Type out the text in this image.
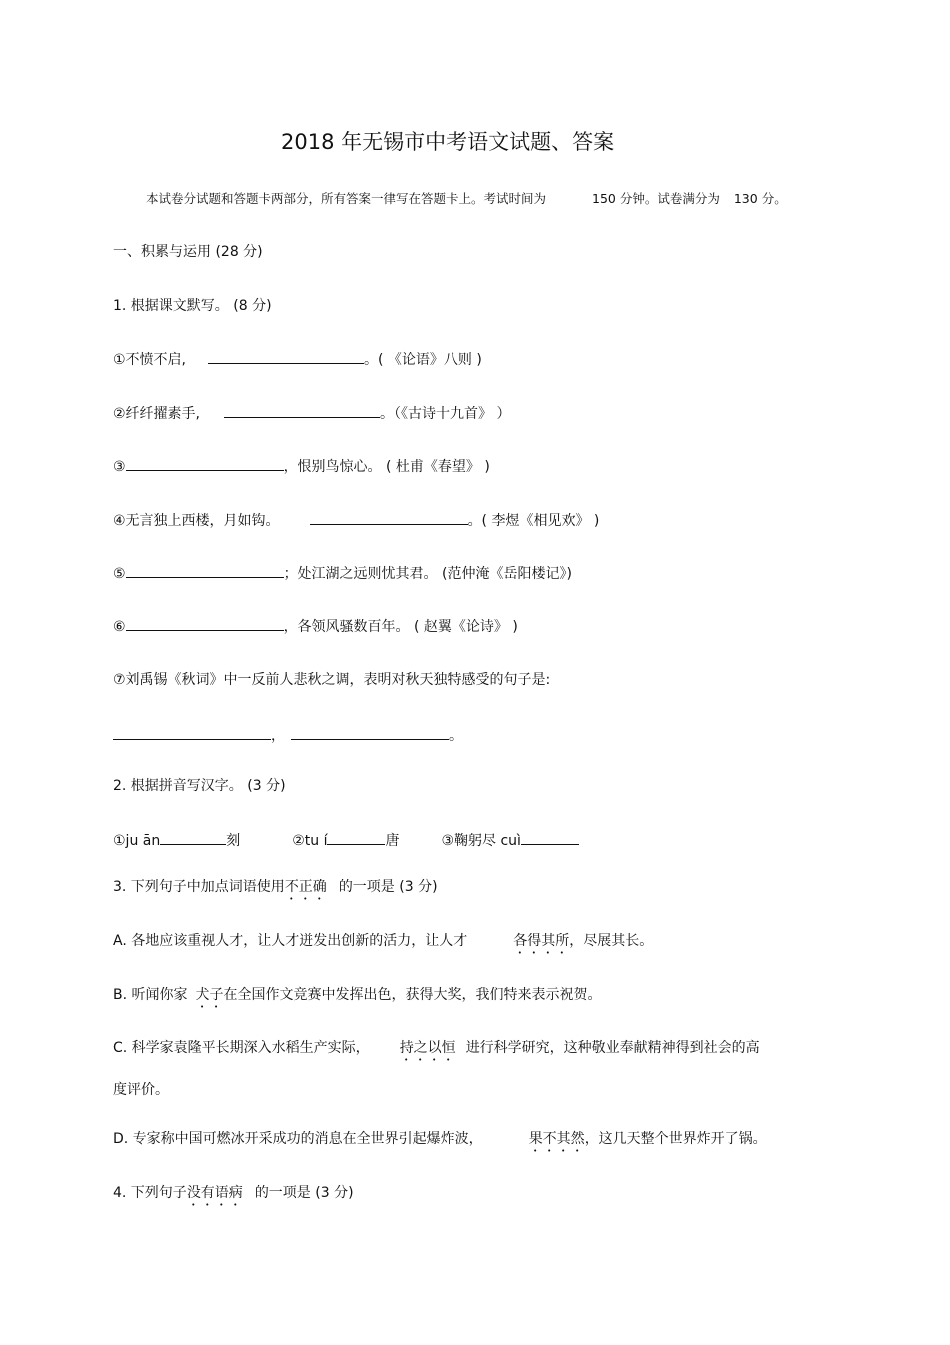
2018 年无锡市中考语文试题、答案
本试卷分试题和答题卡两部分，所有答案一律写在答题卡上。考试时间为	150 分钟。试卷满分为 130 分。
一、积累与运用 (28 分)
1. 根据课文默写。 (8 分)
①不愤不启,	。( 《论语》八则 )
②纤纤擢素手,	。（《古诗十九首》 ）
③	，恨别鸟惊心。 ( 杜甫《春望》 )
④无言独上西楼，月如钩。	。( 李煜《相见欢》 )
⑤	；处江湖之远则忧其君。 (范仲淹《岳阳楼记》)
⑥	，各领风骚数百年。 ( 赵翼《论诗》 )
⑦刘禹锡《秋词》中一反前人悲秋之调，表明对秋天独特感受的句子是:
，	。
2. 根据拼音写汉字。 (3 分)
①ju ān	刻	②tu í	唐	③鞠躬尽 cuì
3. 下列句子中加点词语使用不正确 的一项是 (3 分)
A. 各地应该重视人才，让人才迸发出创新的活力，让人才	各得其所，尽展其长。
B. 听闻你家 犬子在全国作文竞赛中发挥出色，获得大奖，我们特来表示祝贺。
C. 科学家袁隆平长期深入水稻生产实际， 持之以恒 进行科学研究，这种敬业奉献精神得到社会的高
度评价。
D. 专家称中国可燃冰开采成功的消息在全世界引起爆炸波，	果不其然，这几天整个世界炸开了锅。
4. 下列句子没有语病 的一项是 (3 分)
